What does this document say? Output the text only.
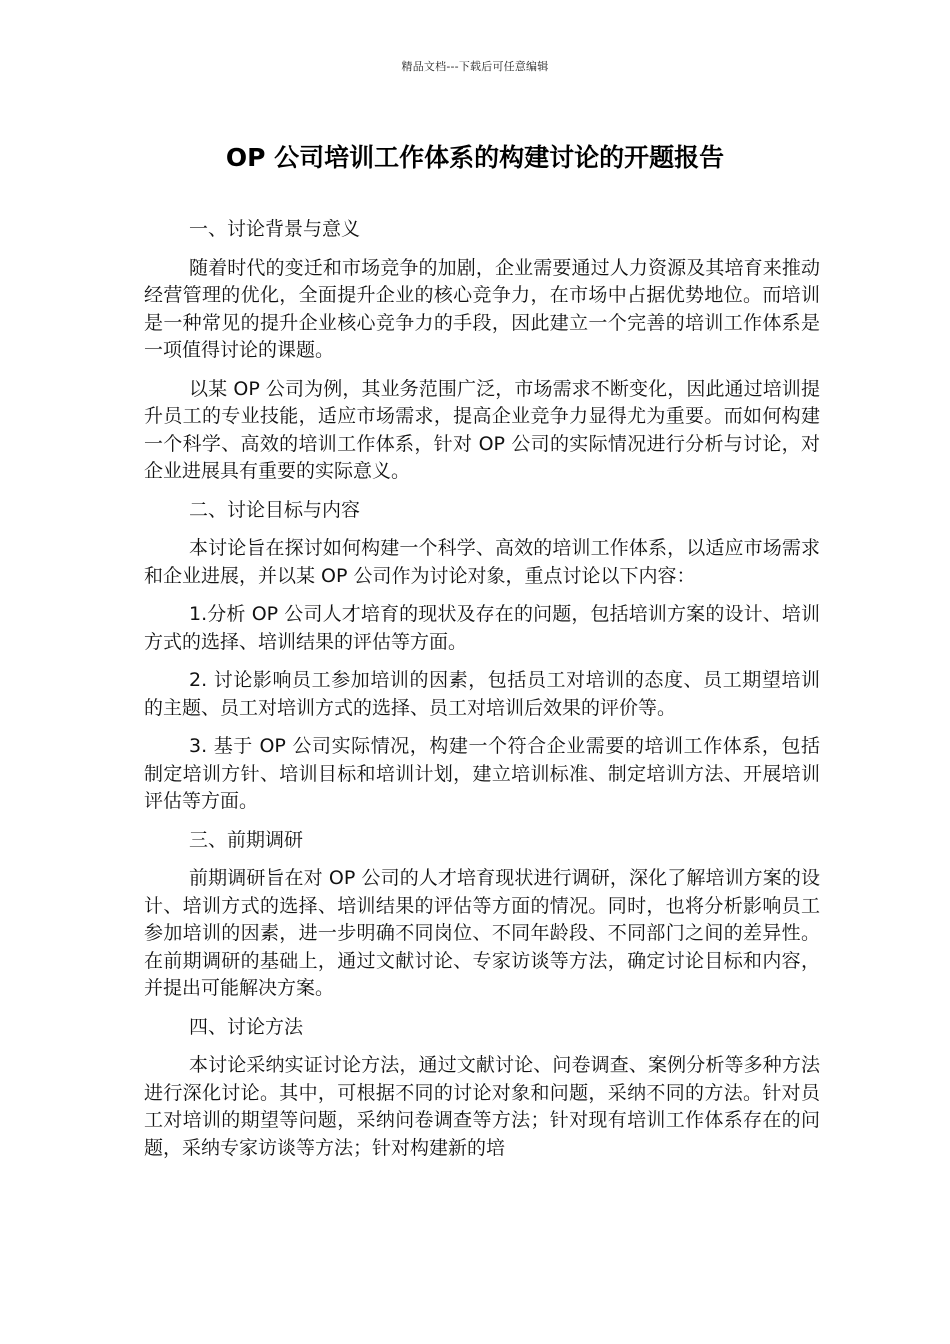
精品文档---下载后可任意编辑
OP 公司培训工作体系的构建讨论的开题报告
一、讨论背景与意义

随着时代的变迁和市场竞争的加剧，企业需要通过人力资源及其培育来推动经营管理的优化，全面提升企业的核心竞争力，在市场中占据优势地位。而培训是一种常见的提升企业核心竞争力的手段，因此建立一个完善的培训工作体系是一项值得讨论的课题。

以某 OP 公司为例，其业务范围广泛，市场需求不断变化，因此通过培训提升员工的专业技能，适应市场需求，提高企业竞争力显得尤为重要。而如何构建一个科学、高效的培训工作体系，针对 OP 公司的实际情况进行分析与讨论，对企业进展具有重要的实际意义。

二、讨论目标与内容

本讨论旨在探讨如何构建一个科学、高效的培训工作体系，以适应市场需求和企业进展，并以某 OP 公司作为讨论对象，重点讨论以下内容：

1.分析 OP 公司人才培育的现状及存在的问题，包括培训方案的设计、培训方式的选择、培训结果的评估等方面。

2. 讨论影响员工参加培训的因素，包括员工对培训的态度、员工期望培训的主题、员工对培训方式的选择、员工对培训后效果的评价等。

3. 基于 OP 公司实际情况，构建一个符合企业需要的培训工作体系，包括制定培训方针、培训目标和培训计划，建立培训标准、制定培训方法、开展培训评估等方面。

三、前期调研

前期调研旨在对 OP 公司的人才培育现状进行调研，深化了解培训方案的设计、培训方式的选择、培训结果的评估等方面的情况。同时，也将分析影响员工参加培训的因素，进一步明确不同岗位、不同年龄段、不同部门之间的差异性。在前期调研的基础上，通过文献讨论、专家访谈等方法，确定讨论目标和内容，并提出可能解决方案。

四、讨论方法

本讨论采纳实证讨论方法，通过文献讨论、问卷调查、案例分析等多种方法进行深化讨论。其中，可根据不同的讨论对象和问题，采纳不同的方法。针对员工对培训的期望等问题，采纳问卷调查等方法；针对现有培训工作体系存在的问题，采纳专家访谈等方法；针对构建新的培
